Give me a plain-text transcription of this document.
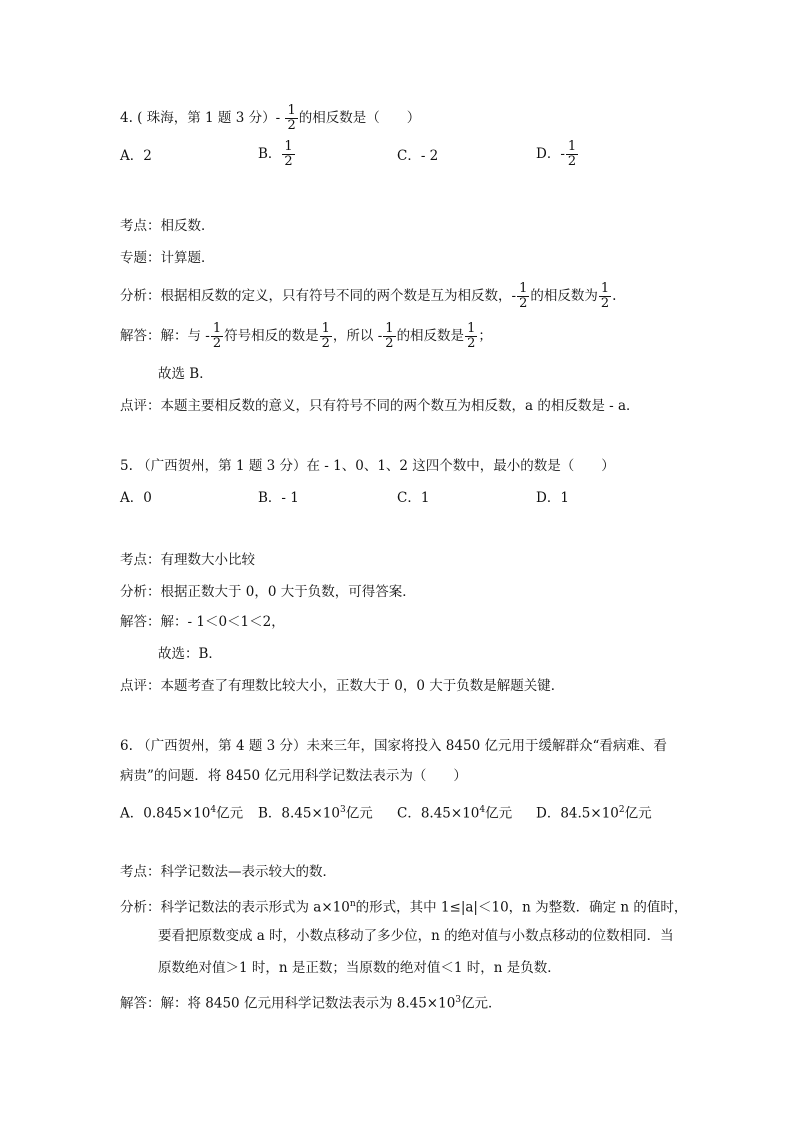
4. ( 珠海，第 1 题 3 分）- $\frac{1}{2}$ 的相反数是（　　）
A．2	B． $\frac{1}{2}$	C．- 2	D．- $\frac{1}{2}$
考点：相反数．
专题：计算题．
分析：根据相反数的定义，只有符号不同的两个数是互为相反数，- $\frac{1}{2}$ 的相反数为 $\frac{1}{2}$ .
解答：解：与 - $\frac{1}{2}$ 符号相反的数是 $\frac{1}{2}$ ，所以 - $\frac{1}{2}$ 的相反数是 $\frac{1}{2}$ ；
故选 B．
点评：本题主要相反数的意义，只有符号不同的两个数互为相反数，a 的相反数是 - a．
5. （广西贺州，第 1 题 3 分）在 - 1、0、1、2 这四个数中，最小的数是（　　）
A．0	B．- 1	C．1	D．1
考点：有理数大小比较
分析：根据正数大于 0，0 大于负数，可得答案．
解答：解：- 1＜0＜1＜2，
故选：B．
点评：本题考查了有理数比较大小，正数大于 0，0 大于负数是解题关键．
6. （广西贺州，第 4 题 3 分）未来三年，国家将投入 8450 亿元用于缓解群众“看病难、看
病贵”的问题．将 8450 亿元用科学记数法表示为（　　）
A．$0.845\times 10^4$亿元 B．$8.45\times 10^3$亿元 C．$8.45\times 10^4$亿元 D．$84.5\times 10^2$亿元
考点：科学记数法—表示较大的数．
分析：科学记数法的表示形式为 $a\times 10^n$的形式，其中 1≤|a|＜10，n 为整数．确定 n 的值时，
要看把原数变成 a 时，小数点移动了多少位，n 的绝对值与小数点移动的位数相同．当
原数绝对值＞1 时，n 是正数；当原数的绝对值＜1 时，n 是负数．
解答：解：将 8450 亿元用科学记数法表示为 $8.45\times 10^3$亿元．
